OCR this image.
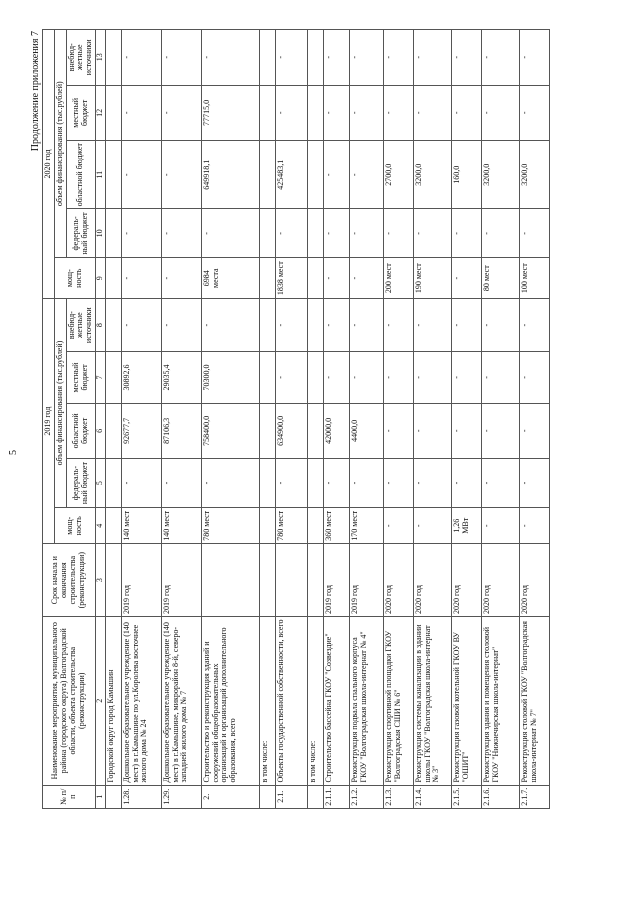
5
Продолжение приложения 7
№ п/п	Наименование мероприятия, муниципального района (городского округа) Волгоградской области, объекта строительства (реконструкции)	Срок начала и окончания строительства (реконструкции)	2019 год					2020 год				
			мощ- ность	объем финансирования (тыс.рублей)				мощ- ность	объем финансирования (тыс.рублей)			
				федераль- ный бюджет	областной бюджет	местный бюджет	внебюд- жетные источники		федераль- ный бюджет	областной бюджет	местный бюджет	внебюд- жетные источники
1	2	3	4	5	6	7	8	9	10	11	12	13
	Городской округ город Камышин											
1.28.	Дошкольное образовательное учреждение (140 мест) в г.Камышине по ул.Королева восточнее жилого дома № 24	2019 год	140 мест	-	92677,7	30892,6	-	-	-	-	-	-
1.29.	Дошкольное образовательное учреждение (140 мест) в г.Камышине, микрорайон 8-й, северо-западней жилого дома № 7	2019 год	140 мест	-	87106,3	29035,4	-	-	-	-	-	-
2.	Строительство и реконструкция зданий и сооружений общеобразовательных организаций и организаций дополнительного образования, всего		780 мест	-	758400,0	70300,0	-	6984 места	-	649918,1	77715,0	-
	в том числе:											
2.1.	Объекты государственной собственности, всего		780 мест	-	634900,0	-	-	1838 мест	-	425483,1	-	-
	в том числе:											
2.1.1.	Строительство бассейна ГКОУ "Созвездие"	2019 год	360 мест	-	42000,0	-	-	-	-	-	-	-
2.1.2.	Реконструкция подвала спального корпуса ГКОУ "Волгоградская школа-интернат № 4"	2019 год	170 мест	-	4400,0	-	-	-	-	-	-	-
2.1.3.	Реконструкция спортивной площадки ГКОУ "Волгоградская СШИ № 6"	2020 год	-	-	-	-	-	200 мест	-	2700,0	-	-
2.1.4.	Реконструкция системы канализации в здании школы ГКОУ "Волгоградская школа-интернат № 3"	2020 год	-	-	-	-	-	190 мест	-	3200,0	-	-
2.1.5.	Реконструкция газовой котельной ГКОУ ВУ "ОШИТ"	2020 год	1,26 МВт	-	-	-	-	-	-	160,0	-	-
2.1.6.	Реконструкция здания и помещения столовой ГКОУ "Нижнечирская школа-интернат"	2020 год	-	-	-	-	-	80 мест	-	3200,0	-	-
2.1.7.	Реконструкция столовой ГКОУ "Волгоградская школа-интернат № 7"	2020 год	-	-	-	-	-	100 мест	-	3200,0	-	-
